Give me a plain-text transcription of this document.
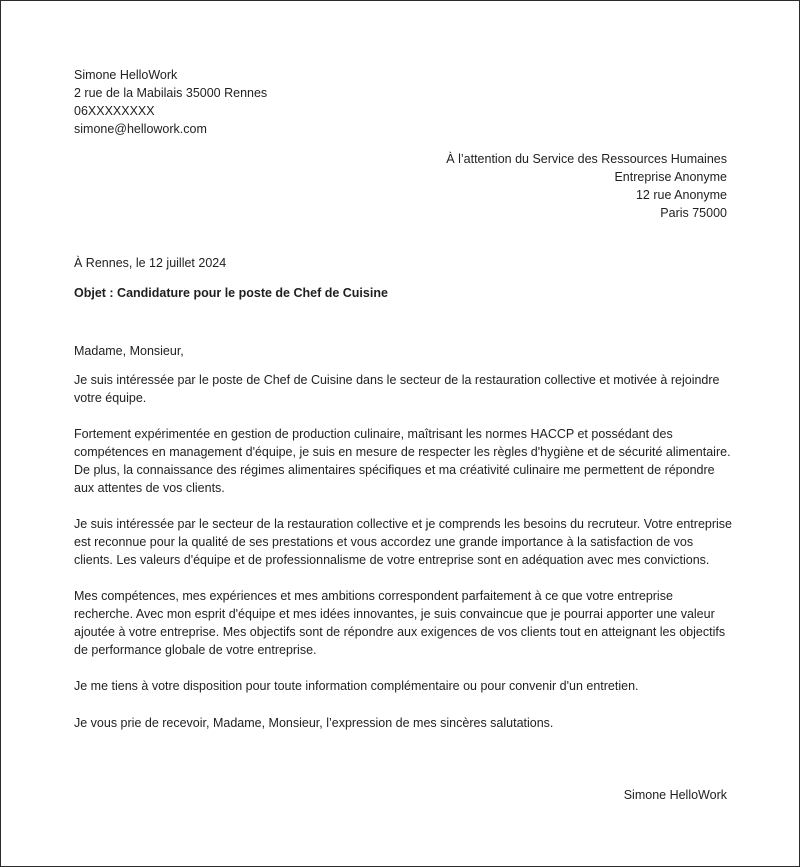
Simone HelloWork
2 rue de la Mabilais 35000 Rennes
06XXXXXXXX
simone@hellowork.com
À l’attention du Service des Ressources Humaines
Entreprise Anonyme
12 rue Anonyme
Paris 75000
À Rennes, le 12 juillet 2024
Objet : Candidature pour le poste de Chef de Cuisine

Madame, Monsieur,

Je suis intéressée par le poste de Chef de Cuisine dans le secteur de la restauration collective et motivée à rejoindre votre équipe.

Fortement expérimentée en gestion de production culinaire, maîtrisant les normes HACCP et possédant des compétences en management d'équipe, je suis en mesure de respecter les règles d'hygiène et de sécurité alimentaire. De plus, la connaissance des régimes alimentaires spécifiques et ma créativité culinaire me permettent de répondre aux attentes de vos clients.

Je suis intéressée par le secteur de la restauration collective et je comprends les besoins du recruteur. Votre entreprise est reconnue pour la qualité de ses prestations et vous accordez une grande importance à la satisfaction de vos clients. Les valeurs d'équipe et de professionnalisme de votre entreprise sont en adéquation avec mes convictions.

Mes compétences, mes expériences et mes ambitions correspondent parfaitement à ce que votre entreprise recherche. Avec mon esprit d'équipe et mes idées innovantes, je suis convaincue que je pourrai apporter une valeur ajoutée à votre entreprise. Mes objectifs sont de répondre aux exigences de vos clients tout en atteignant les objectifs de performance globale de votre entreprise.

Je me tiens à votre disposition pour toute information complémentaire ou pour convenir d'un entretien.

Je vous prie de recevoir, Madame, Monsieur, l’expression de mes sincères salutations.

Simone HelloWork
